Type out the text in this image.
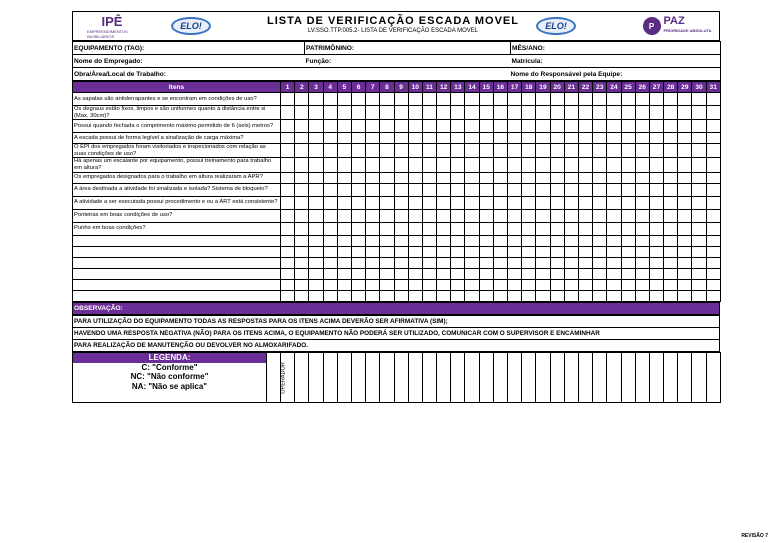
IPÊ
EMPREENDIMENTOS IMOBILIÁRIOS
ELO!	LISTA DE VERIFICAÇÃO ESCADA MOVEL
LV.SSO.TTP.005.2- LISTA DE VERIFICAÇÃO ESCADA MOVEL	ELO!	P PAZ
PRIORIDADE ABSOLUTA
EQUIPAMENTO (TAG):	PATRIMÔNINO:	MÊS/ANO:
Nome do Empregado:	Função:	Matrícula:
Obra/Área/Local de Trabalho:		Nome do Responsável pela Equipe:
Itens	1	2	3	4	5	6	7	8	9	10	11	12	13	14	15	16	17	18	19	20	21	22	23	24	25	26	27	28	29	30	31
As sapatas são antiderrapantes e se encontram em condições de uso?																															
Os degraus estão fixos, limpos e são uniformes quanto à distância entre si (Max. 30cm)?																															
Possui quando fechada o comprimento máximo permitido de 6 (seis) metros?																															
A escada possui de forma legível a sinalização de carga máxima?																															
O EPI dos empregados foram visitoriados e inspecionados com relação as suas condições de uso?																															
Há apenas um escalante por equipamento, possui treinamento para trabalho em altura?																															
Os empregados designados para o trabalho em altura realizaram a APR?																															
A área destinada a atividade foi sinalizada e isolada? Sistema de bloqueio?																															
A atividade a ser executada possui procedimento e ou a ART está consistente?																															
Ponteiras em boas condições de uso?																															
Punho em boas condições?																															

OBSERVAÇÃO:
PARA UTILIZAÇÃO DO EQUIPAMENTO TODAS AS RESPOSTAS PARA OS ITENS ACIMA DEVERÃO SER AFIRMATIVA (SIM);
HAVENDO UMA RESPOSTA NEGATIVA (NÃO) PARA OS ITENS ACIMA, O EQUIPAMENTO NÃO PODERÁ SER UTILIZADO, COMUNICAR COM O SUPERVISOR E ENCAMINHAR
PARA REALIZAÇÃO DE MANUTENÇÃO OU DEVOLVER NO ALMOXARIFADO.
LEGENDA:
C: "Conforme"
NC: "Não conforme"
NA: "Não se aplica"	OPERADOR																															
REVISÃO 7
